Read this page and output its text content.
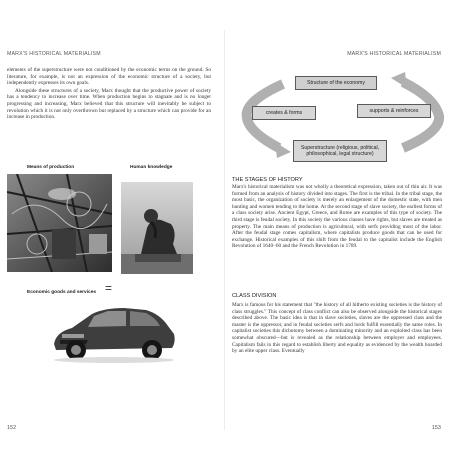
MARX'S HISTORICAL MATERIALISM

elements of the superstructure were not conditioned by the economic terms on the ground. So literature, for example, is not an expression of the economic structure of a society, but independently expresses its own goals.

Alongside these structures of a society, Marx thought that the productive power of society has a tendency to increase over time. When production begins to stagnate and is no longer progressing and increasing, Marx believed that this structure will inevitably be subject to revolution which it is not only overthrown but replaced by a structure which can provide for an increase in production.

Means of production	Human knowledge
+
=
Economic goods and services
152
MARX'S HISTORICAL MATERIALISM
Structure of the economy
creates & forms	supports & reinforces
Superstructure (religious, political, philosophical, legal structure)
THE STAGES OF HISTORY

Marx's historical materialism was not wholly a theoretical expression, taken out of thin air. It was formed from an analysis of history divided into stages. The first is the tribal. In the tribal stage, the most basic, the organization of society is merely an enlargement of the domestic state, with men hunting and women tending to the home. At the second stage of slave society, the earliest forms of a class society arise. Ancient Egypt, Greece, and Rome are examples of this type of society. The third stage is feudal society. In this society the various classes have rights, but slaves are treated as property. The main means of production is agricultural, with serfs providing most of the labor. After the feudal stage comes capitalism, where capitalists produce goods that can be used for exchange. Historical examples of this shift from the feudal to the capitalist include the English Revolution of 1640–60 and the French Revolution in 1789.

CLASS DIVISION

Marx is famous for his statement that "the history of all hitherto existing societies is the history of class struggles." This concept of class conflict can also be observed alongside the historical stages described above. The basic idea is that in slave societies, slaves are the oppressed class and the master is the oppressor, and in feudal societies serfs and lords fulfill essentially the same roles. In capitalist societies this dichotomy between a dominating minority and an exploited class has been somewhat obscured—but is revealed as the relationship between employer and employees. Capitalism fails in this regard to establish liberty and equality as evidenced by the wealth hoarded by an elite upper class. Eventually

153
